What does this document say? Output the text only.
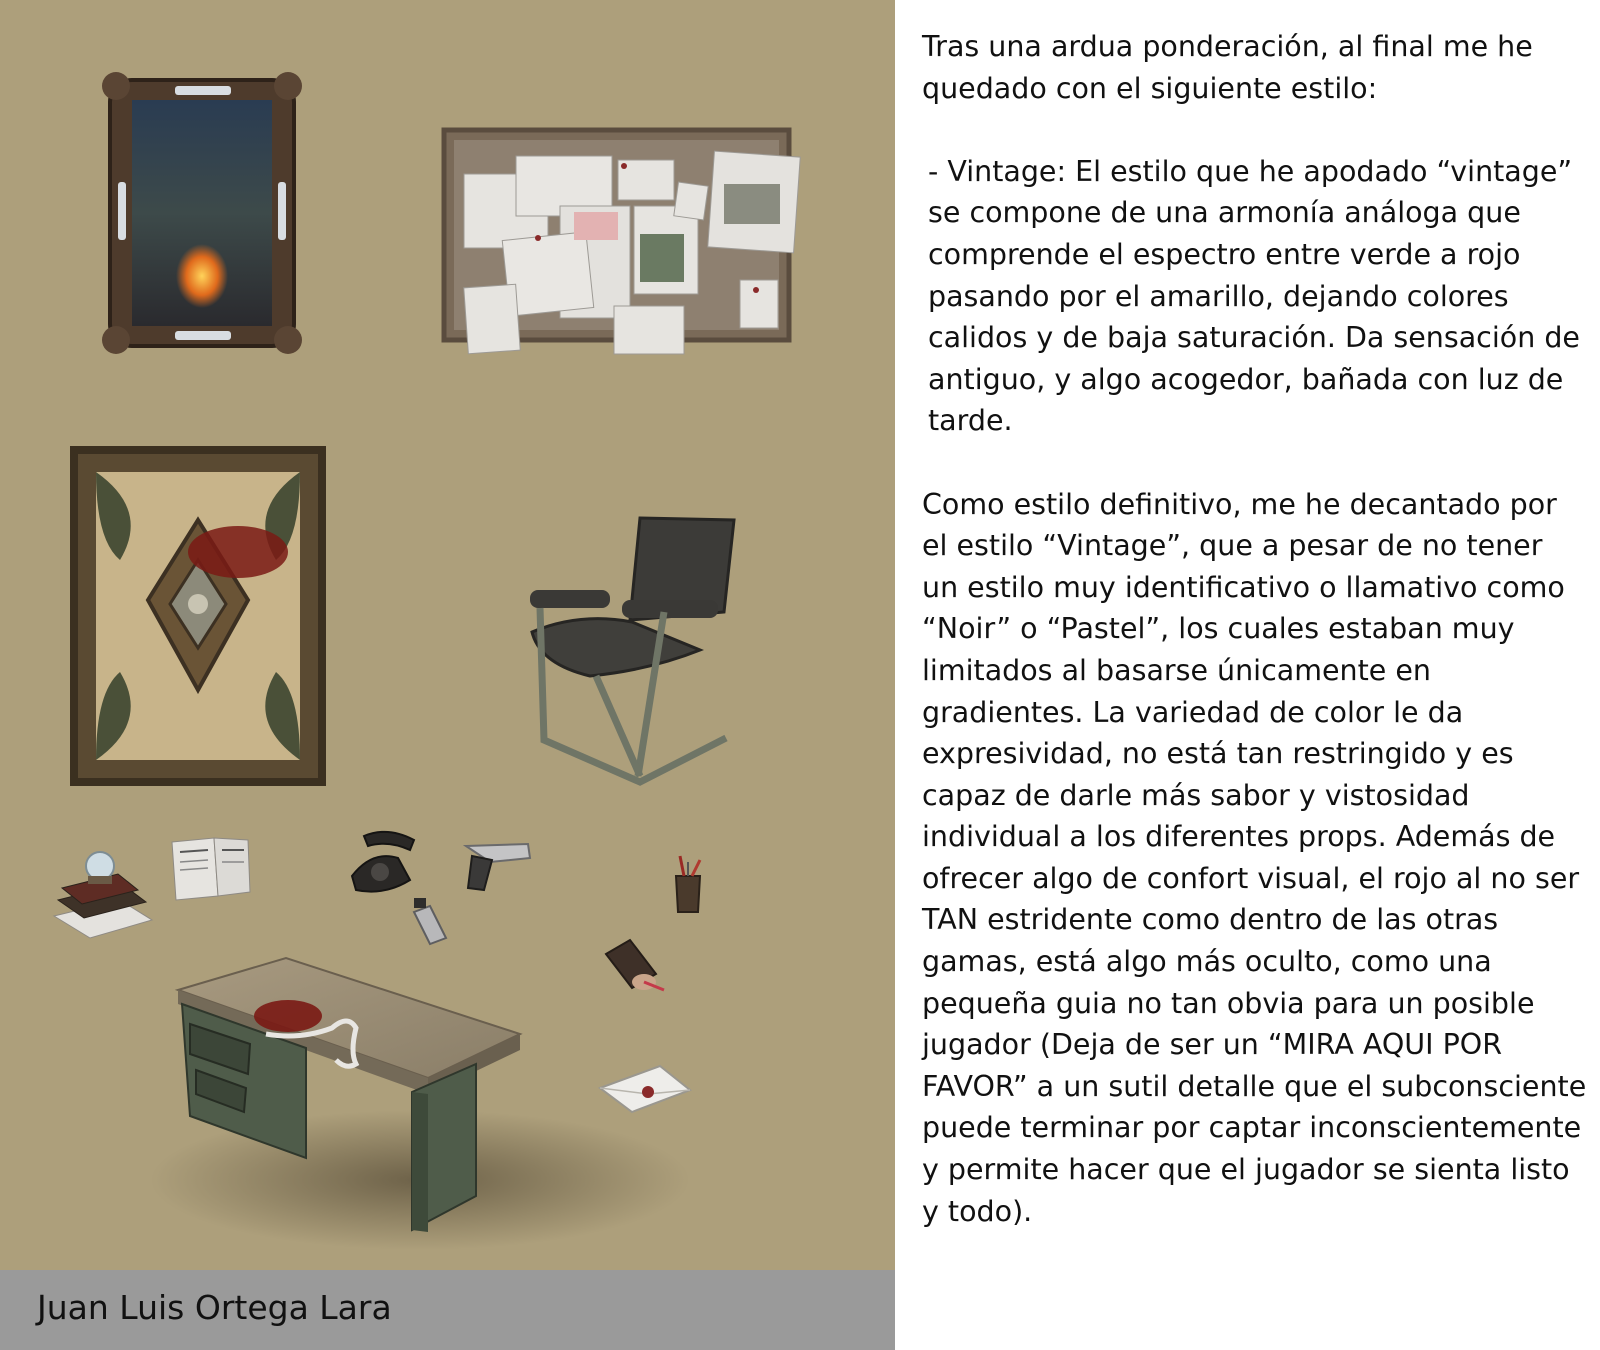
Juan Luis Ortega Lara

Tras una ardua ponderación, al final me he quedado con el siguiente estilo:

- Vintage: El estilo que he apodado “vintage” se compone de una armonía análoga que comprende el espectro entre verde a rojo pasando por el amarillo, dejando colores calidos y de baja saturación. Da sensación de antiguo, y algo acogedor, bañada con luz de tarde.

Como estilo definitivo, me he decantado por el estilo “Vintage”, que a pesar de no tener un estilo muy identificativo o llamativo como “Noir” o “Pastel”, los cuales estaban muy limitados al basarse únicamente en gradientes. La variedad de color le da expresividad, no está tan restringido y es capaz de darle más sabor y vistosidad individual a los diferentes props. Además de ofrecer algo de confort visual, el rojo al no ser TAN estridente como dentro de las otras gamas, está algo más oculto, como una pequeña guia no tan obvia para un posible jugador (Deja de ser un “MIRA AQUI POR FAVOR” a un sutil detalle que el subconsciente puede terminar por captar inconscientemente y permite hacer que el jugador se sienta listo y todo).
